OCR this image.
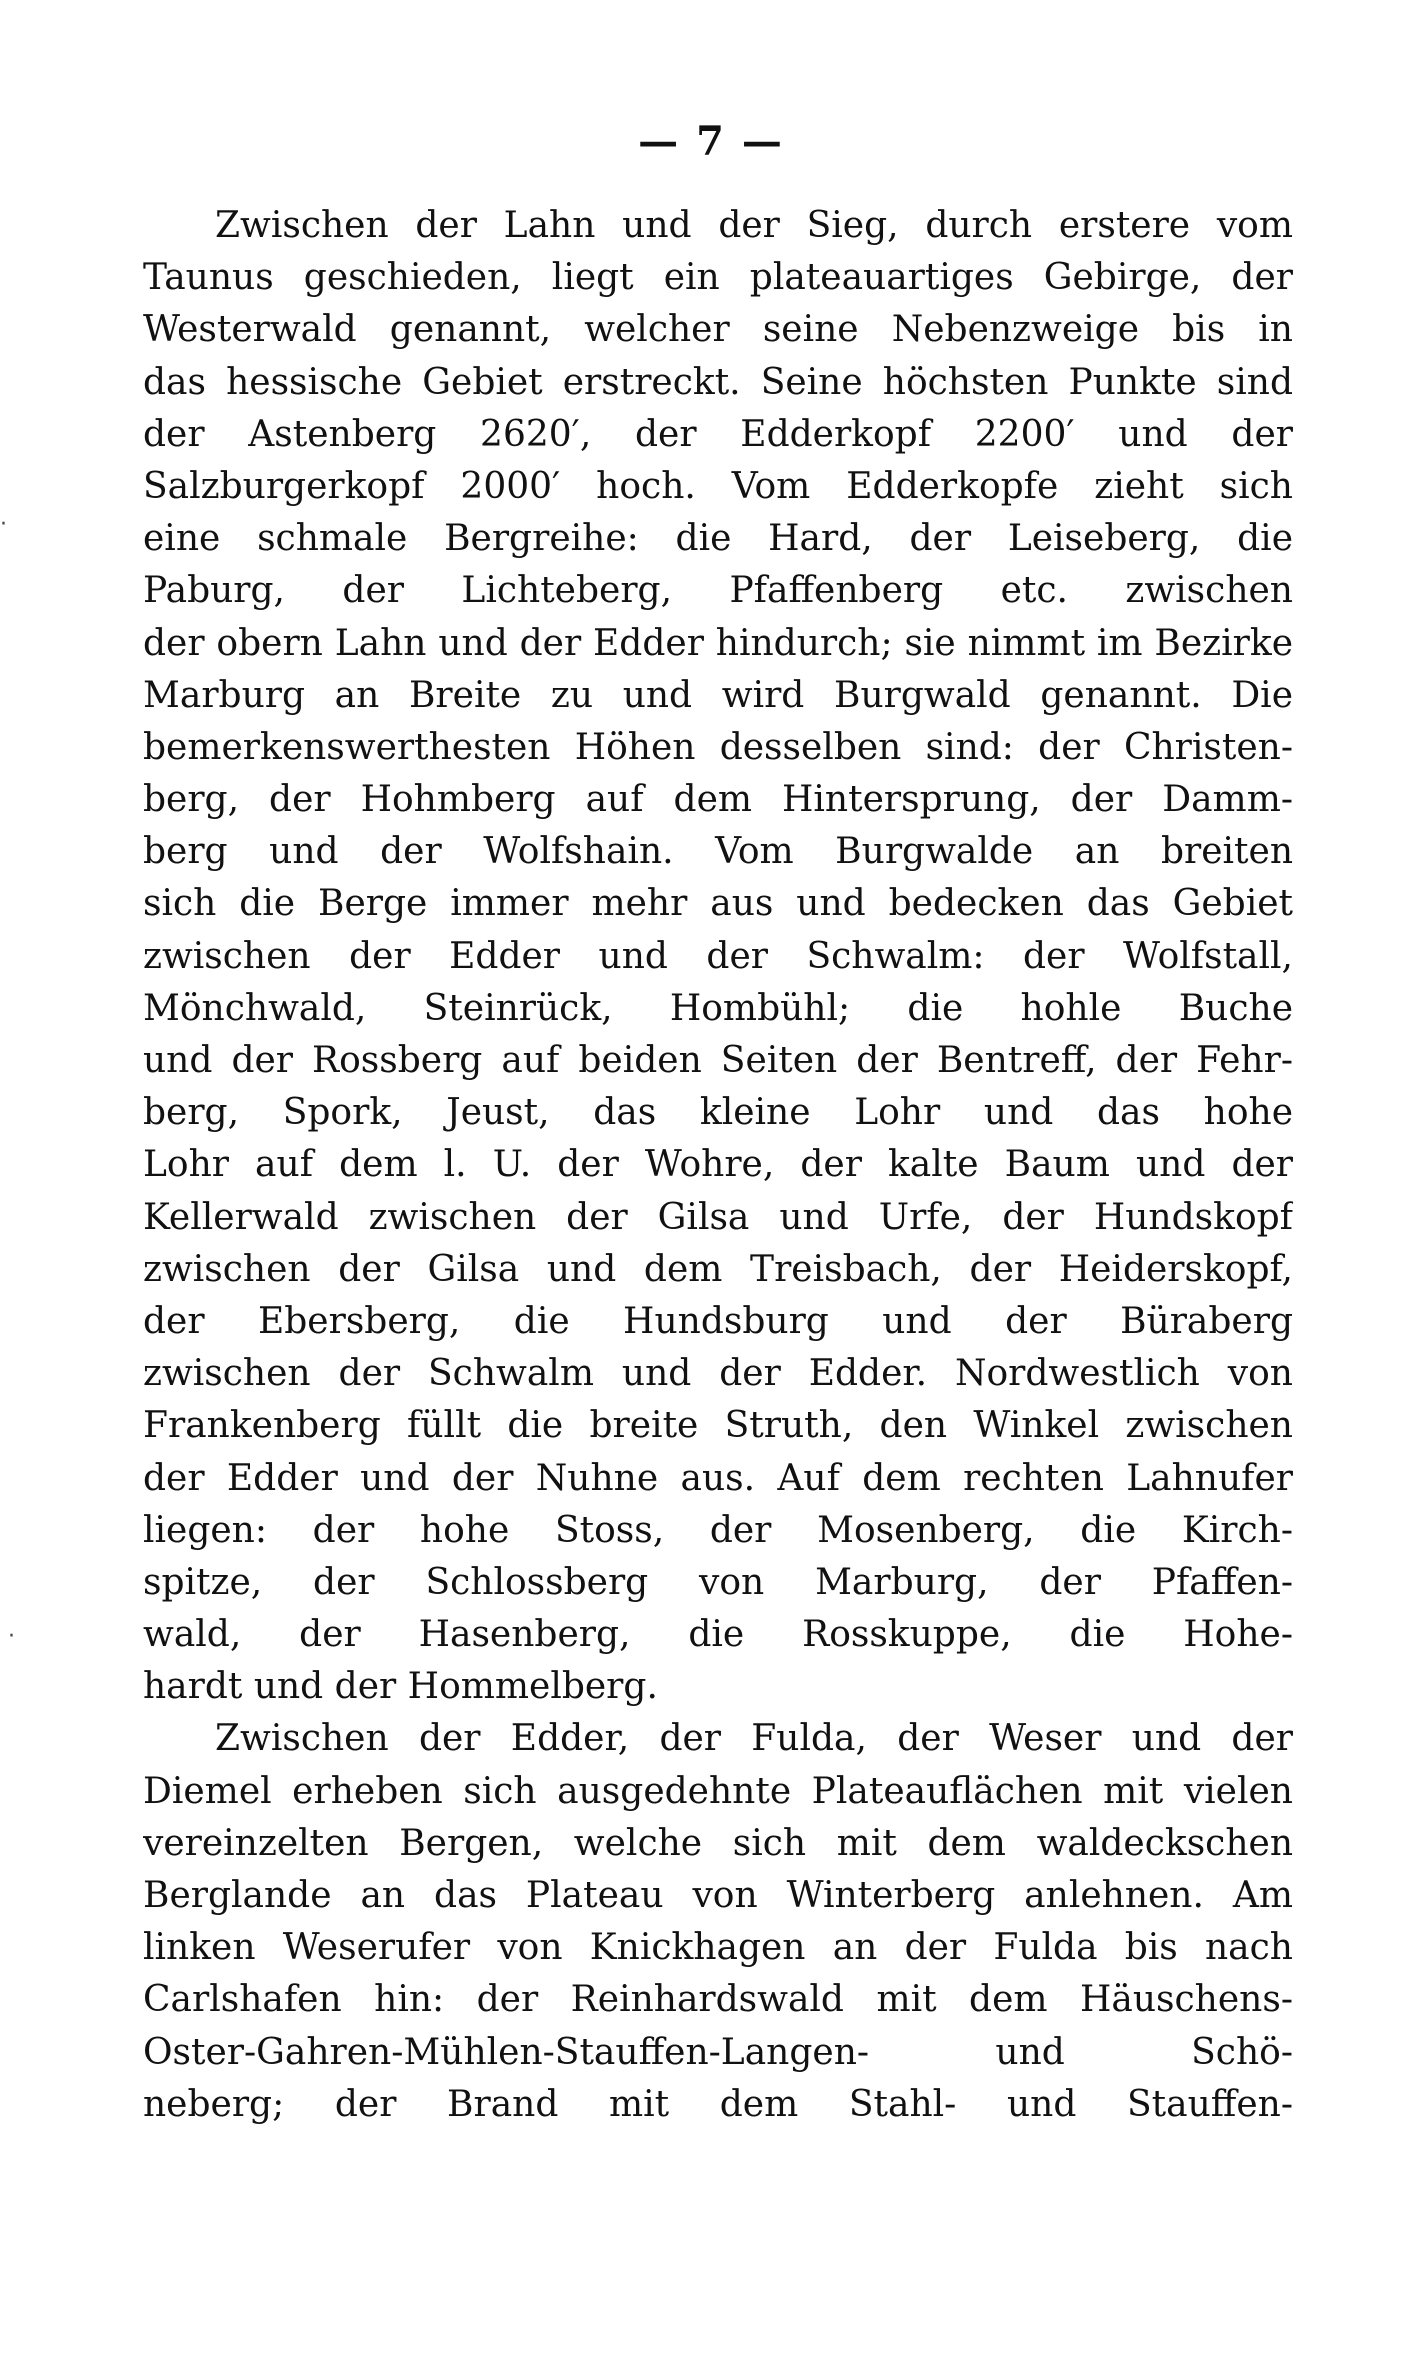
·
·
— 7 —
Zwischen der Lahn und der Sieg, durch erstere vom
Taunus geschieden, liegt ein plateauartiges Gebirge, der
Westerwald genannt, welcher seine Nebenzweige bis in
das hessische Gebiet erstreckt. Seine höchsten Punkte sind
der Astenberg 2620′, der Edderkopf 2200′ und der
Salzburgerkopf 2000′ hoch. Vom Edderkopfe zieht sich
eine schmale Bergreihe: die Hard, der Leiseberg, die
Paburg, der Lichteberg, Pfaffenberg etc. zwischen
der obern Lahn und der Edder hindurch; sie nimmt im Bezirke
Marburg an Breite zu und wird Burgwald genannt. Die
bemerkenswerthesten Höhen desselben sind: der Christen-
berg, der Hohmberg auf dem Hintersprung, der Damm-
berg und der Wolfshain. Vom Burgwalde an breiten
sich die Berge immer mehr aus und bedecken das Gebiet
zwischen der Edder und der Schwalm: der Wolfstall,
Mönchwald, Steinrück, Hombühl; die hohle Buche
und der Rossberg auf beiden Seiten der Bentreff, der Fehr-
berg, Spork, Jeust, das kleine Lohr und das hohe
Lohr auf dem l. U. der Wohre, der kalte Baum und der
Kellerwald zwischen der Gilsa und Urfe, der Hundskopf
zwischen der Gilsa und dem Treisbach, der Heiderskopf,
der Ebersberg, die Hundsburg und der Büraberg
zwischen der Schwalm und der Edder. Nordwestlich von
Frankenberg füllt die breite Struth, den Winkel zwischen
der Edder und der Nuhne aus. Auf dem rechten Lahnufer
liegen: der hohe Stoss, der Mosenberg, die Kirch-
spitze, der Schlossberg von Marburg, der Pfaffen-
wald, der Hasenberg, die Rosskuppe, die Hohe-
hardt und der Hommelberg.
Zwischen der Edder, der Fulda, der Weser und der
Diemel erheben sich ausgedehnte Plateauflächen mit vielen
vereinzelten Bergen, welche sich mit dem waldeckschen
Berglande an das Plateau von Winterberg anlehnen. Am
linken Weserufer von Knickhagen an der Fulda bis nach
Carlshafen hin: der Reinhardswald mit dem Häuschens-
Oster-Gahren-Mühlen-Stauffen-Langen- und Schö-
neberg; der Brand mit dem Stahl- und Stauffen-
